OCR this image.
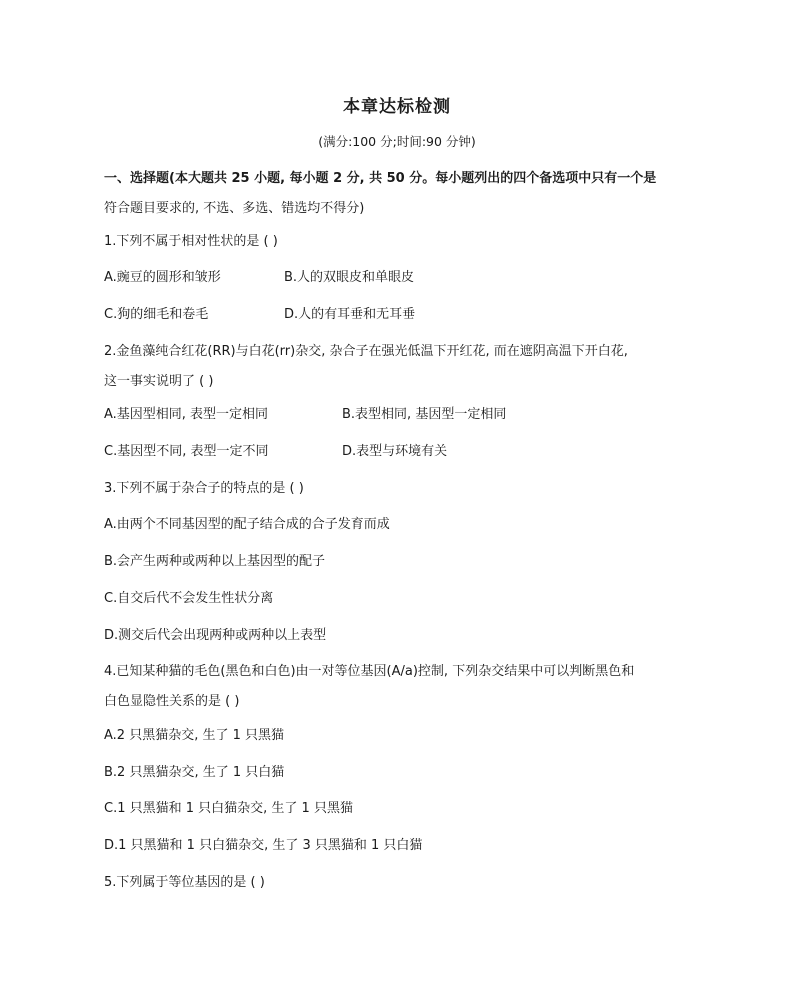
本章达标检测
(满分:100 分;时间:90 分钟)
一、选择题(本大题共 25 小题, 每小题 2 分, 共 50 分。每小题列出的四个备选项中只有一个是
符合题目要求的, 不选、多选、错选均不得分)
1.下列不属于相对性状的是 ( )
A.豌豆的圆形和皱形	B.人的双眼皮和单眼皮
C.狗的细毛和卷毛	D.人的有耳垂和无耳垂
2.金鱼藻纯合红花(RR)与白花(rr)杂交, 杂合子在强光低温下开红花, 而在遮阴高温下开白花,
这一事实说明了 ( )
A.基因型相同, 表型一定相同	B.表型相同, 基因型一定相同
C.基因型不同, 表型一定不同	D.表型与环境有关
3.下列不属于杂合子的特点的是 ( )
A.由两个不同基因型的配子结合成的合子发育而成
B.会产生两种或两种以上基因型的配子
C.自交后代不会发生性状分离
D.测交后代会出现两种或两种以上表型
4.已知某种猫的毛色(黑色和白色)由一对等位基因(A/a)控制, 下列杂交结果中可以判断黑色和
白色显隐性关系的是 ( )
A.2 只黑猫杂交, 生了 1 只黑猫
B.2 只黑猫杂交, 生了 1 只白猫
C.1 只黑猫和 1 只白猫杂交, 生了 1 只黑猫
D.1 只黑猫和 1 只白猫杂交, 生了 3 只黑猫和 1 只白猫
5.下列属于等位基因的是 ( )
